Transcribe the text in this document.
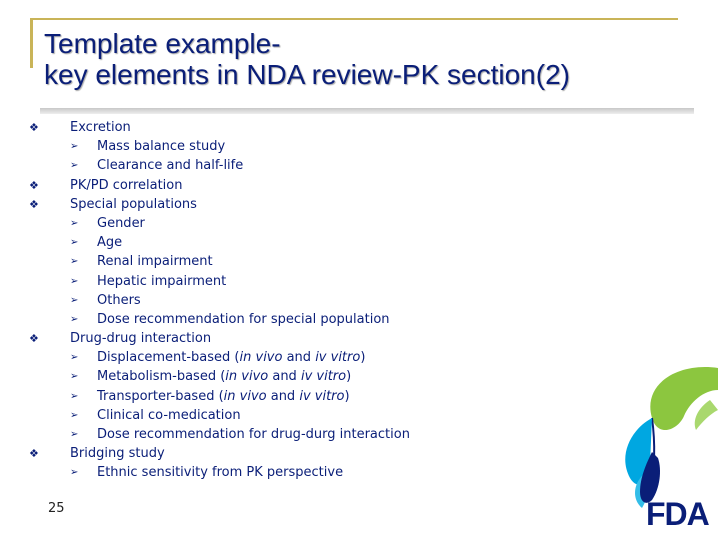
Template example-
key elements in NDA review-PK section(2)
❖ Excretion
➢ Mass balance study
➢ Clearance and half-life
❖ PK/PD correlation
❖ Special populations
➢ Gender
➢ Age
➢ Renal impairment
➢ Hepatic impairment
➢ Others
➢ Dose recommendation for special population
❖ Drug-drug interaction
➢ Displacement-based (in vivo and iv vitro)
➢ Metabolism-based (in vivo and iv vitro)
➢ Transporter-based (in vivo and iv vitro)
➢ Clinical co-medication
➢ Dose recommendation for drug-durg interaction
❖ Bridging study
➢ Ethnic sensitivity from PK perspective
25	FDA
